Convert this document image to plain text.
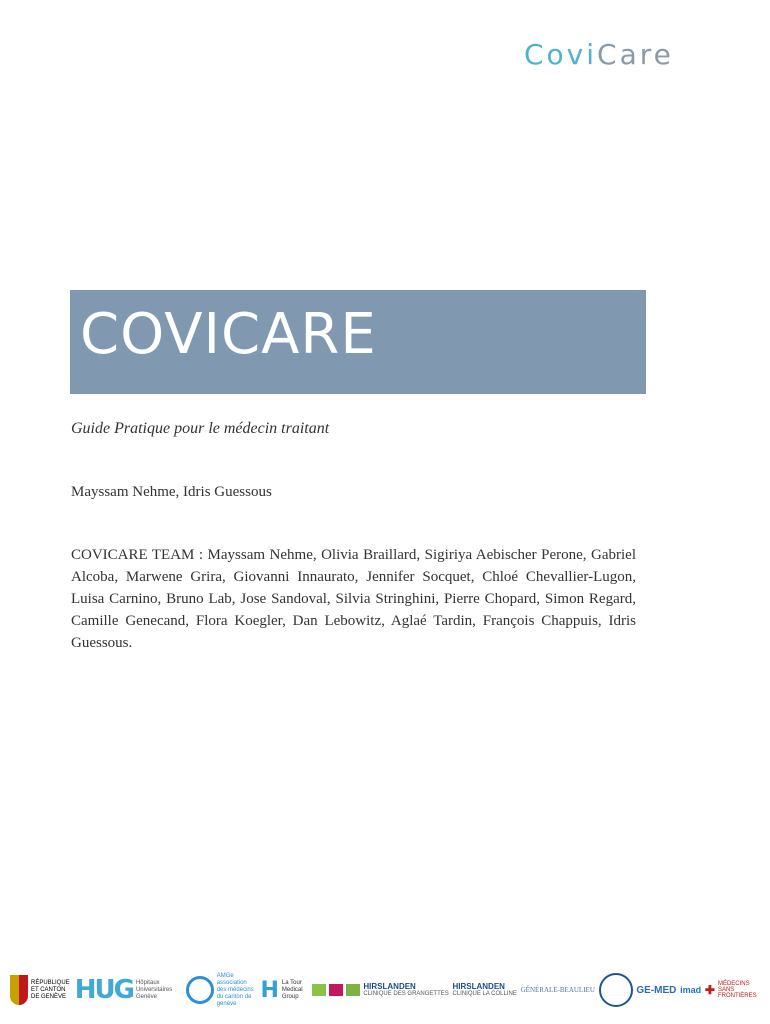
CoviCare
COVICARE
Guide Pratique pour le médecin traitant
Mayssam Nehme, Idris Guessous
COVICARE TEAM : Mayssam Nehme, Olivia Braillard, Sigiriya Aebischer Perone, Gabriel Alcoba, Marwene Grira, Giovanni Innaurato, Jennifer Socquet, Chloé Chevallier-Lugon, Luisa Carnino, Bruno Lab, Jose Sandoval, Silvia Stringhini, Pierre Chopard, Simon Regard, Camille Genecand, Flora Koegler, Dan Lebowitz, Aglaé Tardin, François Chappuis, Idris Guessous.
RÉPUBLIQUE ET CANTON DE GENÈVE HUG Hôpitaux Universitaires Genève
AMGe association des médecins du canton de genève
H La Tour Medical Group
HIRSLANDEN
CLINIQUE DES GRANGETTES
HIRSLANDEN
CLINIQUE LA COLLINE GÉNÉRALE-BEAULIEU	GE-MED imad ✚ MÉDECINS SANS FRONTIÈRES
